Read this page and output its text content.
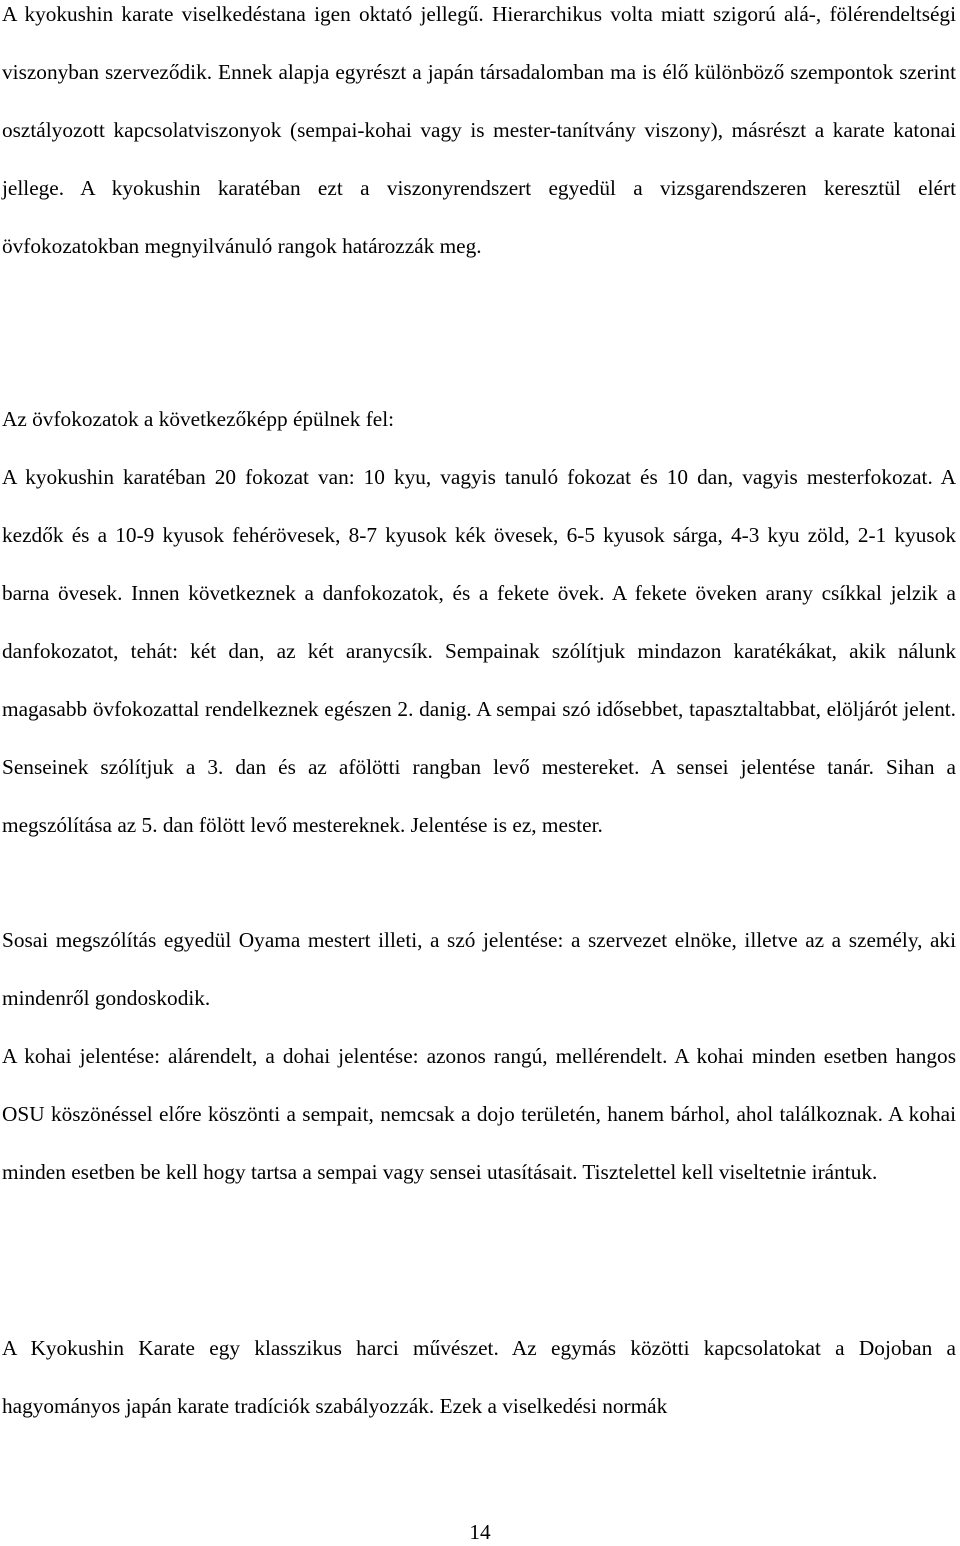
A kyokushin karate viselkedéstana igen oktató jellegű. Hierarchikus volta miatt szigorú alá-, fölérendeltségi viszonyban szerveződik. Ennek alapja egyrészt a japán társadalomban ma is élő különböző szempontok szerint osztályozott kapcsolatviszonyok (sempai-kohai vagy is mester-tanítvány viszony), másrészt a karate katonai jellege. A kyokushin karatéban ezt a viszonyrendszert egyedül a vizsgarendszeren keresztül elért övfokozatokban megnyilvánuló rangok határozzák meg.

Az övfokozatok a következőképp épülnek fel:

A kyokushin karatéban 20 fokozat van: 10 kyu, vagyis tanuló fokozat és 10 dan, vagyis mesterfokozat. A kezdők és a 10-9 kyusok fehérövesek, 8-7 kyusok kék övesek, 6-5 kyusok sárga, 4-3 kyu zöld, 2-1 kyusok barna övesek. Innen következnek a danfokozatok, és a fekete övek. A fekete öveken arany csíkkal jelzik a danfokozatot, tehát: két dan, az két aranycsík. Sempainak szólítjuk mindazon karatékákat, akik nálunk magasabb övfokozattal rendelkeznek egészen 2. danig. A sempai szó idősebbet, tapasztaltabbat, elöljárót jelent. Senseinek szólítjuk a 3. dan és az afölötti rangban levő mestereket. A sensei jelentése tanár. Sihan a megszólítása az 5. dan fölött levő mestereknek. Jelentése is ez, mester.

Sosai megszólítás egyedül Oyama mestert illeti, a szó jelentése: a szervezet elnöke, illetve az a személy, aki mindenről gondoskodik.

A kohai jelentése: alárendelt, a dohai jelentése: azonos rangú, mellérendelt. A kohai minden esetben hangos OSU köszönéssel előre köszönti a sempait, nemcsak a dojo területén, hanem bárhol, ahol találkoznak. A kohai minden esetben be kell hogy tartsa a sempai vagy sensei utasításait. Tisztelettel kell viseltetnie irántuk.

A Kyokushin Karate egy klasszikus harci művészet. Az egymás közötti kapcsolatokat a Dojoban a hagyományos japán karate tradíciók szabályozzák. Ezek a viselkedési normák

14
